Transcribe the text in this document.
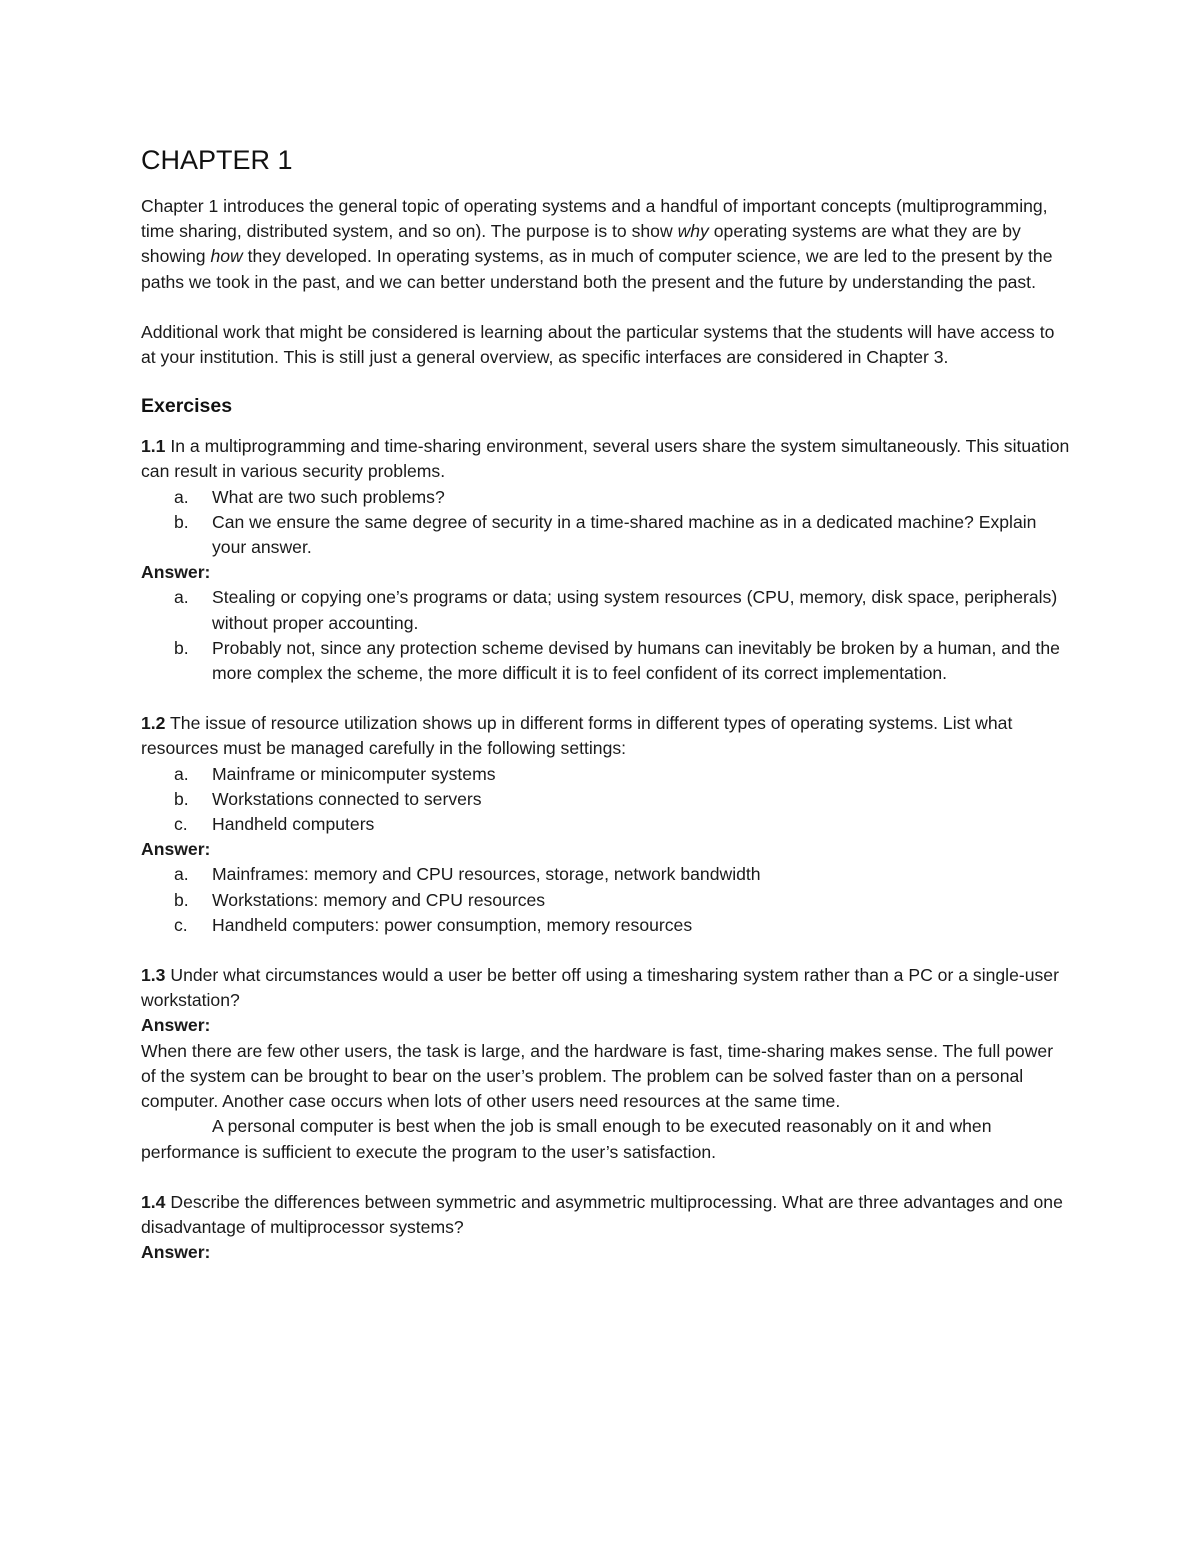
CHAPTER 1

Chapter 1 introduces the general topic of operating systems and a handful of important concepts (multiprogramming, time sharing, distributed system, and so on). The purpose is to show why operating systems are what they are by showing how they developed. In operating systems, as in much of computer science, we are led to the present by the paths we took in the past, and we can better understand both the present and the future by understanding the past.

Additional work that might be considered is learning about the particular systems that the students will have access to at your institution. This is still just a general overview, as specific interfaces are considered in Chapter 3.

Exercises

1.1 In a multiprogramming and time-sharing environment, several users share the system simultaneously. This situation can result in various security problems.

a. What are two such problems?
b. Can we ensure the same degree of security in a time-shared machine as in a dedicated machine? Explain your answer.

Answer:

a. Stealing or copying one’s programs or data; using system resources (CPU, memory, disk space, peripherals) without proper accounting.
b. Probably not, since any protection scheme devised by humans can inevitably be broken by a human, and the more complex the scheme, the more difficult it is to feel confident of its correct implementation.

1.2 The issue of resource utilization shows up in different forms in different types of operating systems. List what resources must be managed carefully in the following settings:

a. Mainframe or minicomputer systems
b. Workstations connected to servers
c. Handheld computers

Answer:

a. Mainframes: memory and CPU resources, storage, network bandwidth
b. Workstations: memory and CPU resources
c. Handheld computers: power consumption, memory resources

1.3 Under what circumstances would a user be better off using a timesharing system rather than a PC or a single-user workstation?

Answer:

When there are few other users, the task is large, and the hardware is fast, time-sharing makes sense. The full power of the system can be brought to bear on the user’s problem. The problem can be solved faster than on a personal computer. Another case occurs when lots of other users need resources at the same time.

A personal computer is best when the job is small enough to be executed reasonably on it and when performance is sufficient to execute the program to the user’s satisfaction.

1.4 Describe the differences between symmetric and asymmetric multiprocessing. What are three advantages and one disadvantage of multiprocessor systems?

Answer:
